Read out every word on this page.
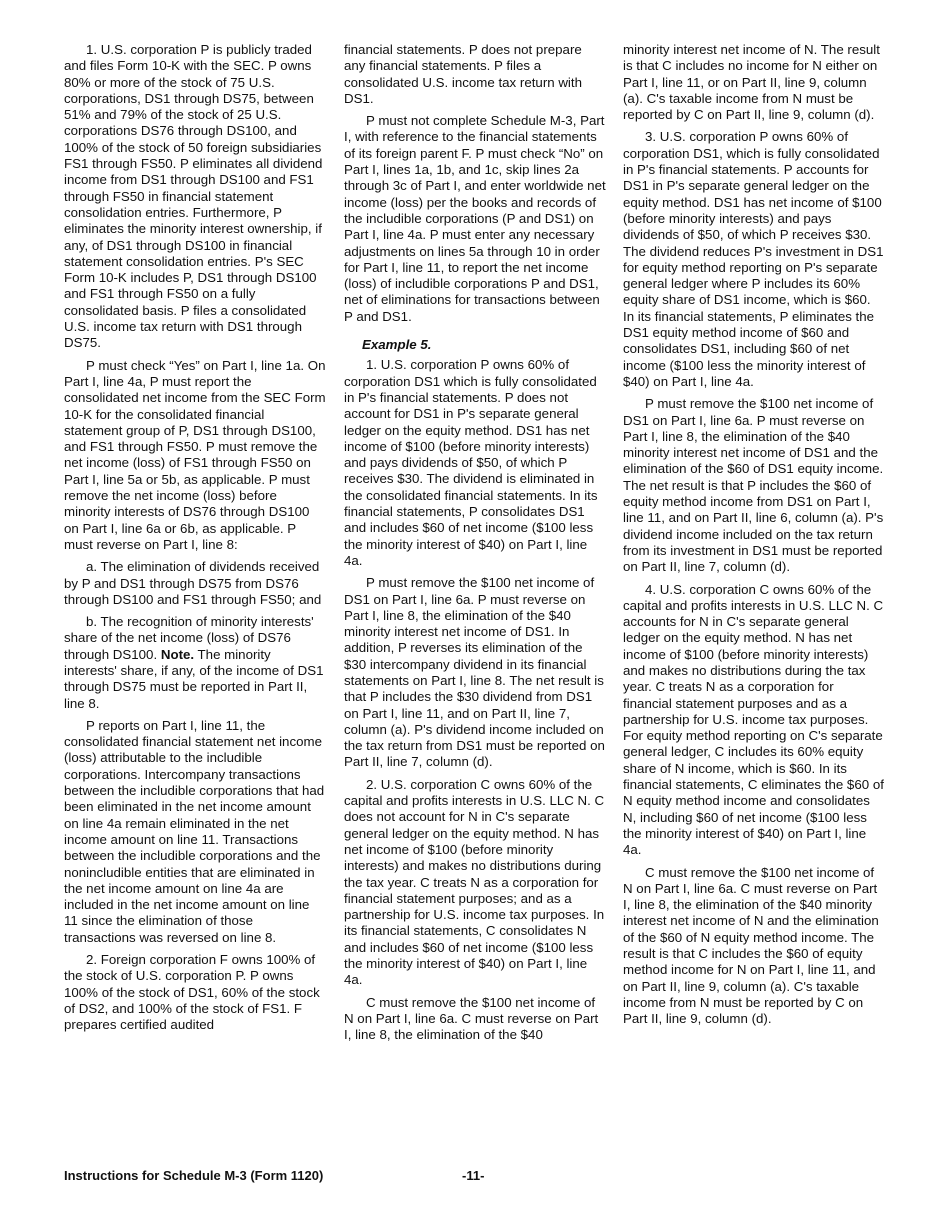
1. U.S. corporation P is publicly traded and files Form 10-K with the SEC. P owns 80% or more of the stock of 75 U.S. corporations, DS1 through DS75, between 51% and 79% of the stock of 25 U.S. corporations DS76 through DS100, and 100% of the stock of 50 foreign subsidiaries FS1 through FS50. P eliminates all dividend income from DS1 through DS100 and FS1 through FS50 in financial statement consolidation entries. Furthermore, P eliminates the minority interest ownership, if any, of DS1 through DS100 in financial statement consolidation entries. P's SEC Form 10-K includes P, DS1 through DS100 and FS1 through FS50 on a fully consolidated basis. P files a consolidated U.S. income tax return with DS1 through DS75.

P must check “Yes” on Part I, line 1a. On Part I, line 4a, P must report the consolidated net income from the SEC Form 10-K for the consolidated financial statement group of P, DS1 through DS100, and FS1 through FS50. P must remove the net income (loss) of FS1 through FS50 on Part I, line 5a or 5b, as applicable. P must remove the net income (loss) before minority interests of DS76 through DS100 on Part I, line 6a or 6b, as applicable. P must reverse on Part I, line 8:

a. The elimination of dividends received by P and DS1 through DS75 from DS76 through DS100 and FS1 through FS50; and

b. The recognition of minority interests' share of the net income (loss) of DS76 through DS100. Note. The minority interests' share, if any, of the income of DS1 through DS75 must be reported in Part II, line 8.

P reports on Part I, line 11, the consolidated financial statement net income (loss) attributable to the includible corporations. Intercompany transactions between the includible corporations that had been eliminated in the net income amount on line 4a remain eliminated in the net income amount on line 11. Transactions between the includible corporations and the nonincludible entities that are eliminated in the net income amount on line 4a are included in the net income amount on line 11 since the elimination of those transactions was reversed on line 8.

2. Foreign corporation F owns 100% of the stock of U.S. corporation P. P owns 100% of the stock of DS1, 60% of the stock of DS2, and 100% of the stock of FS1. F prepares certified audited

financial statements. P does not prepare any financial statements. P files a consolidated U.S. income tax return with DS1.

P must not complete Schedule M-3, Part I, with reference to the financial statements of its foreign parent F. P must check “No” on Part I, lines 1a, 1b, and 1c, skip lines 2a through 3c of Part I, and enter worldwide net income (loss) per the books and records of the includible corporations (P and DS1) on Part I, line 4a. P must enter any necessary adjustments on lines 5a through 10 in order for Part I, line 11, to report the net income (loss) of includible corporations P and DS1, net of eliminations for transactions between P and DS1.

Example 5.

1. U.S. corporation P owns 60% of corporation DS1 which is fully consolidated in P's financial statements. P does not account for DS1 in P's separate general ledger on the equity method. DS1 has net income of $100 (before minority interests) and pays dividends of $50, of which P receives $30. The dividend is eliminated in the consolidated financial statements. In its financial statements, P consolidates DS1 and includes $60 of net income ($100 less the minority interest of $40) on Part I, line 4a.

P must remove the $100 net income of DS1 on Part I, line 6a. P must reverse on Part I, line 8, the elimination of the $40 minority interest net income of DS1. In addition, P reverses its elimination of the $30 intercompany dividend in its financial statements on Part I, line 8. The net result is that P includes the $30 dividend from DS1 on Part I, line 11, and on Part II, line 7, column (a). P's dividend income included on the tax return from DS1 must be reported on Part II, line 7, column (d).

2. U.S. corporation C owns 60% of the capital and profits interests in U.S. LLC N. C does not account for N in C's separate general ledger on the equity method. N has net income of $100 (before minority interests) and makes no distributions during the tax year. C treats N as a corporation for financial statement purposes; and as a partnership for U.S. income tax purposes. In its financial statements, C consolidates N and includes $60 of net income ($100 less the minority interest of $40) on Part I, line 4a.

C must remove the $100 net income of N on Part I, line 6a. C must reverse on Part I, line 8, the elimination of the $40

minority interest net income of N. The result is that C includes no income for N either on Part I, line 11, or on Part II, line 9, column (a). C's taxable income from N must be reported by C on Part II, line 9, column (d).

3. U.S. corporation P owns 60% of corporation DS1, which is fully consolidated in P's financial statements. P accounts for DS1 in P's separate general ledger on the equity method. DS1 has net income of $100 (before minority interests) and pays dividends of $50, of which P receives $30. The dividend reduces P's investment in DS1 for equity method reporting on P's separate general ledger where P includes its 60% equity share of DS1 income, which is $60. In its financial statements, P eliminates the DS1 equity method income of $60 and consolidates DS1, including $60 of net income ($100 less the minority interest of $40) on Part I, line 4a.

P must remove the $100 net income of DS1 on Part I, line 6a. P must reverse on Part I, line 8, the elimination of the $40 minority interest net income of DS1 and the elimination of the $60 of DS1 equity income. The net result is that P includes the $60 of equity method income from DS1 on Part I, line 11, and on Part II, line 6, column (a). P's dividend income included on the tax return from its investment in DS1 must be reported on Part II, line 7, column (d).

4. U.S. corporation C owns 60% of the capital and profits interests in U.S. LLC N. C accounts for N in C's separate general ledger on the equity method. N has net income of $100 (before minority interests) and makes no distributions during the tax year. C treats N as a corporation for financial statement purposes and as a partnership for U.S. income tax purposes. For equity method reporting on C's separate general ledger, C includes its 60% equity share of N income, which is $60. In its financial statements, C eliminates the $60 of N equity method income and consolidates N, including $60 of net income ($100 less the minority interest of $40) on Part I, line 4a.

C must remove the $100 net income of N on Part I, line 6a. C must reverse on Part I, line 8, the elimination of the $40 minority interest net income of N and the elimination of the $60 of N equity method income. The result is that C includes the $60 of equity method income for N on Part I, line 11, and on Part II, line 9, column (a). C's taxable income from N must be reported by C on Part II, line 9, column (d).

Instructions for Schedule M-3 (Form 1120)	-11-
